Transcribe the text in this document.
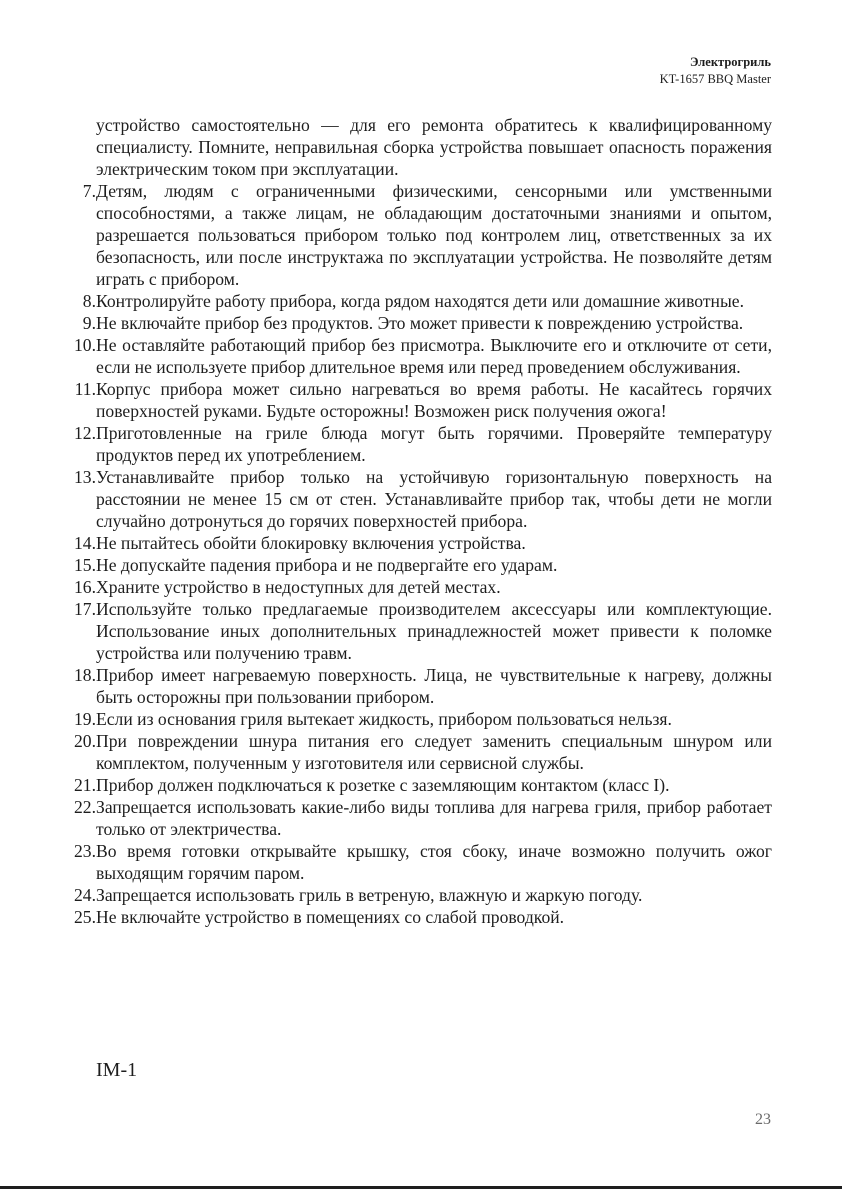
Электрогриль
KT-1657 BBQ Master

устройство самостоятельно — для его ремонта обратитесь к квалифицированному специалисту. Помните, неправильная сборка устройства повышает опасность поражения электрическим током при эксплуатации.

7. Детям, людям с ограниченными физическими, сенсорными или умственными способностями, а также лицам, не обладающим достаточными знаниями и опытом, разрешается пользоваться прибором только под контролем лиц, ответственных за их безопасность, или после инструктажа по эксплуатации устройства. Не позволяйте детям играть с прибором.
8. Контролируйте работу прибора, когда рядом находятся дети или домашние животные.
9. Не включайте прибор без продуктов. Это может привести к повреждению устройства.
10. Не оставляйте работающий прибор без присмотра. Выключите его и отключите от сети, если не используете прибор длительное время или перед проведением обслуживания.
11. Корпус прибора может сильно нагреваться во время работы. Не касайтесь горячих поверхностей руками. Будьте осторожны! Возможен риск получения ожога!
12. Приготовленные на гриле блюда могут быть горячими. Проверяйте температуру продуктов перед их употреблением.
13. Устанавливайте прибор только на устойчивую горизонтальную поверхность на расстоянии не менее 15 см от стен. Устанавливайте прибор так, чтобы дети не могли случайно дотронуться до горячих поверхностей прибора.
14. Не пытайтесь обойти блокировку включения устройства.
15. Не допускайте падения прибора и не подвергайте его ударам.
16. Храните устройство в недоступных для детей местах.
17. Используйте только предлагаемые производителем аксессуары или комплектующие. Использование иных дополнительных принадлежностей может привести к поломке устройства или получению травм.
18. Прибор имеет нагреваемую поверхность. Лица, не чувствительные к нагреву, должны быть осторожны при пользовании прибором.
19. Если из основания гриля вытекает жидкость, прибором пользоваться нельзя.
20. При повреждении шнура питания его следует заменить специальным шнуром или комплектом, полученным у изготовителя или сервисной службы.
21. Прибор должен подключаться к розетке с заземляющим контактом (класс I).
22. Запрещается использовать какие-либо виды топлива для нагрева гриля, прибор работает только от электричества.
23. Во время готовки открывайте крышку, стоя сбоку, иначе возможно получить ожог выходящим горячим паром.
24. Запрещается использовать гриль в ветреную, влажную и жаркую погоду.
25. Не включайте устройство в помещениях со слабой проводкой.
IM-1
23
